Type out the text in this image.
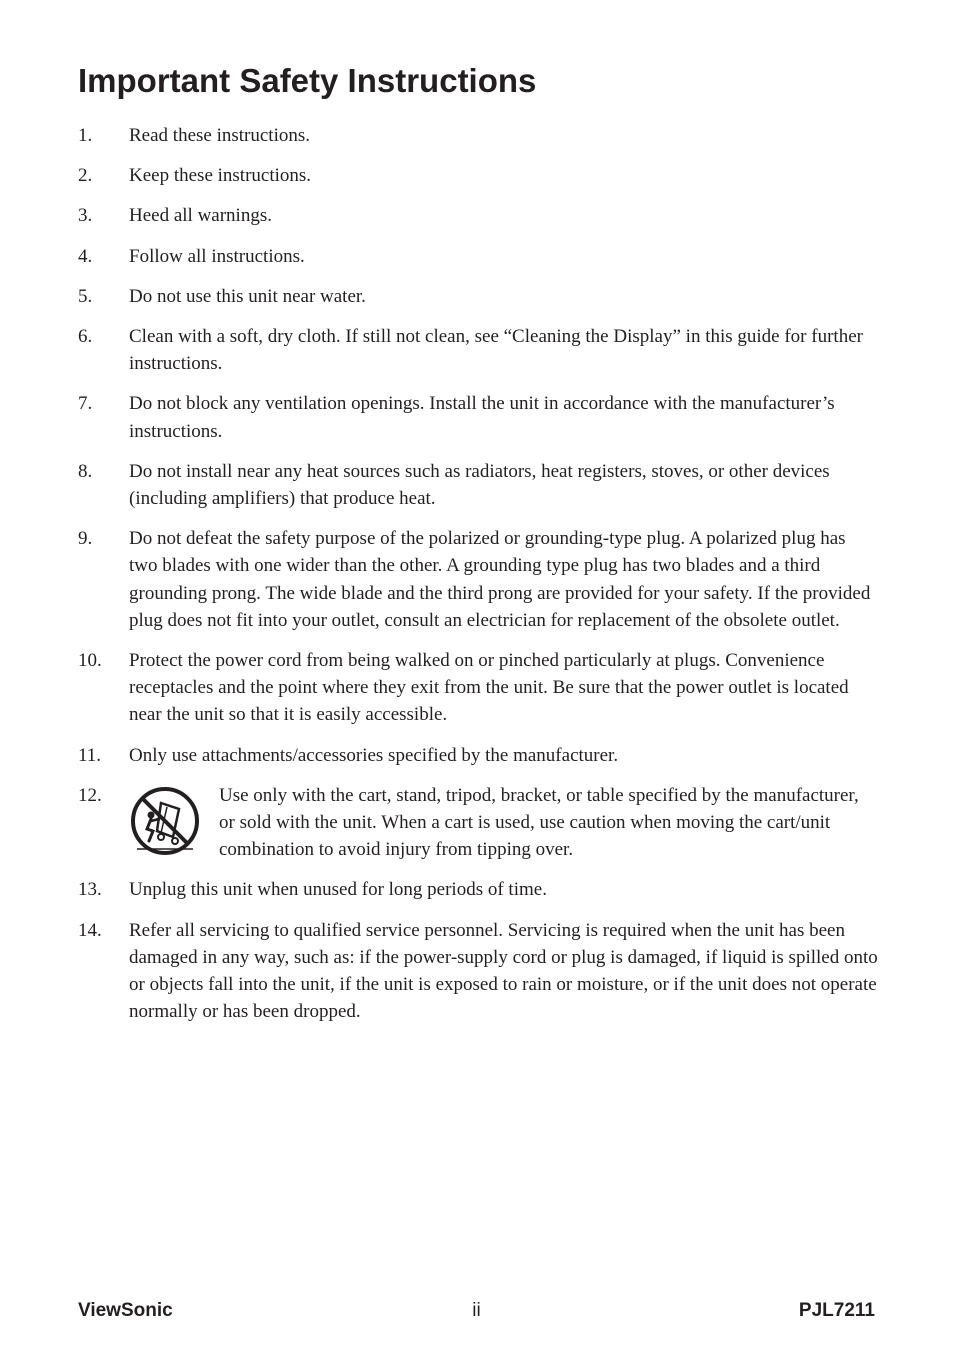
Important Safety Instructions
1.	Read these instructions.
2.	Keep these instructions.
3.	Heed all warnings.
4.	Follow all instructions.
5.	Do not use this unit near water.
6.	Clean with a soft, dry cloth. If still not clean, see “Cleaning the Display” in this guide for further instructions.
7.	Do not block any ventilation openings. Install the unit in accordance with the manufacturer’s instructions.
8.	Do not install near any heat sources such as radiators, heat registers, stoves, or other devices (including amplifiers) that produce heat.
9.	Do not defeat the safety purpose of the polarized or grounding-type plug. A polarized plug has two blades with one wider than the other. A grounding type plug has two blades and a third grounding prong. The wide blade and the third prong are provided for your safety. If the provided plug does not fit into your outlet, consult an electrician for replacement of the obsolete outlet.
10.	Protect the power cord from being walked on or pinched particularly at plugs. Convenience receptacles and the point where they exit from the unit. Be sure that the power outlet is located near the unit so that it is easily accessible.
11.	Only use attachments/accessories specified by the manufacturer.
12.	Use only with the cart, stand, tripod, bracket, or table specified by the manufacturer, or sold with the unit. When a cart is used, use caution when moving the cart/unit combination to avoid injury from tipping over.
13.	Unplug this unit when unused for long periods of time.
14.	Refer all servicing to qualified service personnel. Servicing is required when the unit has been damaged in any way, such as: if the power-supply cord or plug is damaged, if liquid is spilled onto or objects fall into the unit, if the unit is exposed to rain or moisture, or if the unit does not operate normally or has been dropped.
ViewSonic	ii	PJL7211
